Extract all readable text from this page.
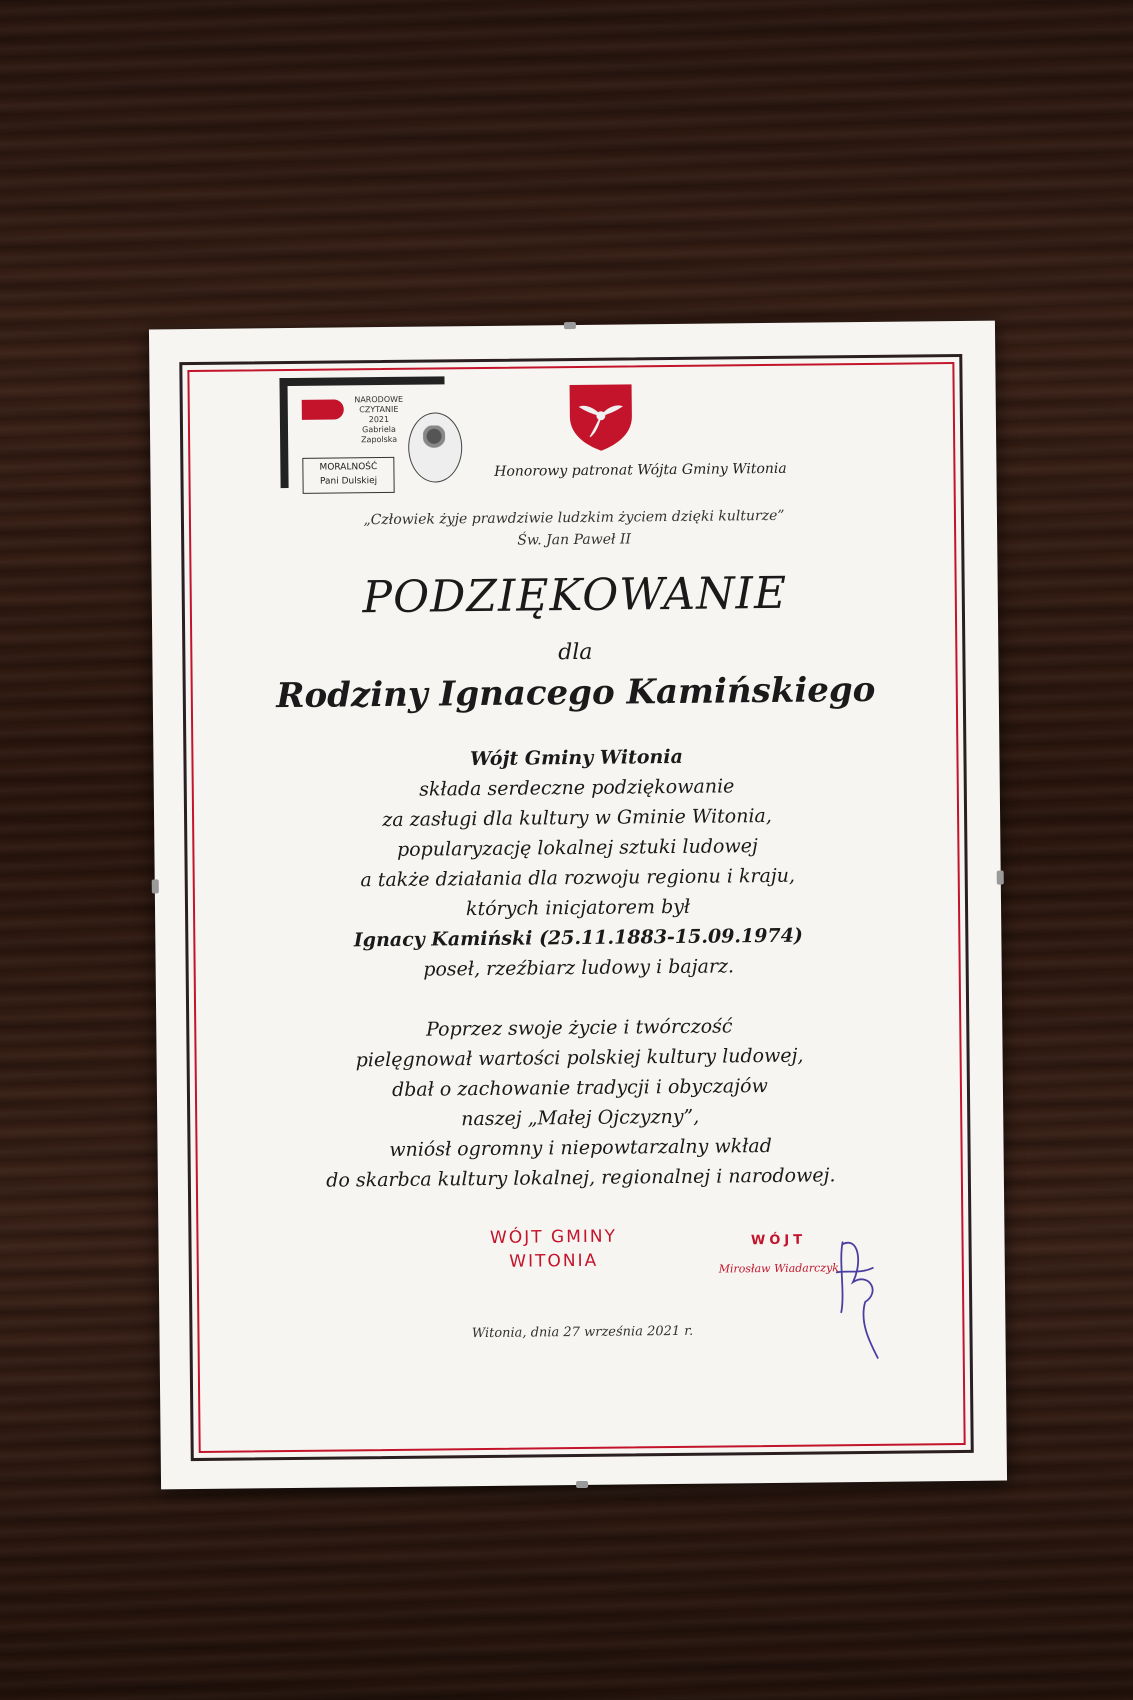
NARODOWE
CZYTANIE
2021
Gabriela
Zapolska
MORALNOŚĆ
Pani Dulskiej
Honorowy patronat Wójta Gminy Witonia
„Człowiek żyje prawdziwie ludzkim życiem dzięki kulturze”
Św. Jan Paweł II
PODZIĘKOWANIE
dla
Rodziny Ignacego Kamińskiego
Wójt Gminy Witonia
składa serdeczne podziękowanie
za zasługi dla kultury w Gminie Witonia,
popularyzację lokalnej sztuki ludowej
a także działania dla rozwoju regionu i kraju,
których inicjatorem był
Ignacy Kamiński (25.11.1883-15.09.1974)
poseł, rzeźbiarz ludowy i bajarz.
Poprzez swoje życie i twórczość
pielęgnował wartości polskiej kultury ludowej,
dbał o zachowanie tradycji i obyczajów
naszej „Małej Ojczyzny”,
wniósł ogromny i niepowtarzalny wkład
do skarbca kultury lokalnej, regionalnej i narodowej.
WÓJT GMINY
WITONIA
WÓJT
Mirosław Wiadarczyk
Witonia, dnia 27 września 2021 r.
